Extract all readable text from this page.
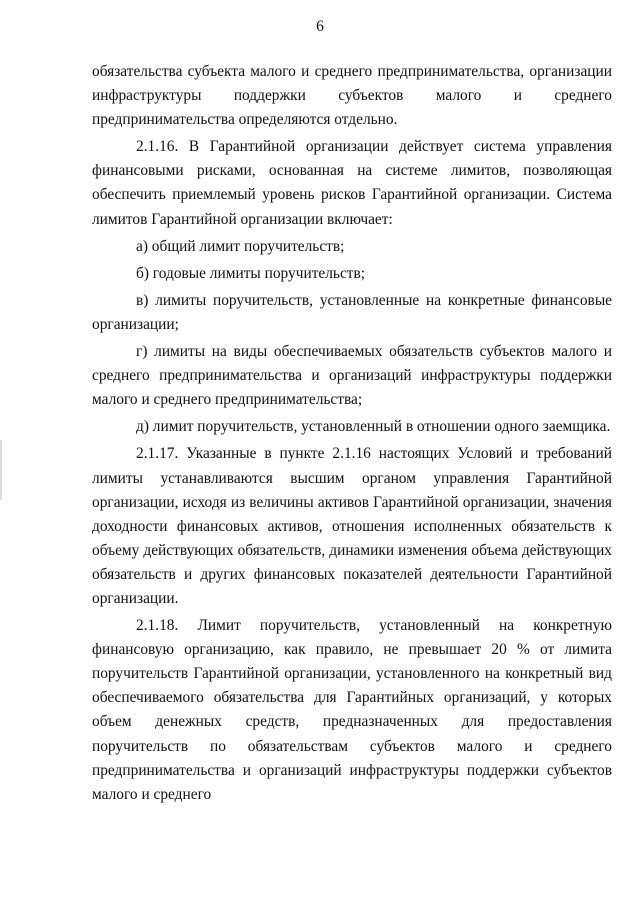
6

обязательства субъекта малого и среднего предпринимательства, организации инфраструктуры поддержки субъектов малого и среднего предпринимательства определяются отдельно.

2.1.16. В Гарантийной организации действует система управления финансовыми рисками, основанная на системе лимитов, позволяющая обеспечить приемлемый уровень рисков Гарантийной организации. Система лимитов Гарантийной организации включает:

а) общий лимит поручительств;

б) годовые лимиты поручительств;

в) лимиты поручительств, установленные на конкретные финансовые организации;

г) лимиты на виды обеспечиваемых обязательств субъектов малого и среднего предпринимательства и организаций инфраструктуры поддержки малого и среднего предпринимательства;

д) лимит поручительств, установленный в отношении одного заемщика.

2.1.17. Указанные в пункте 2.1.16 настоящих Условий и требований лимиты устанавливаются высшим органом управления Гарантийной организации, исходя из величины активов Гарантийной организации, значения доходности финансовых активов, отношения исполненных обязательств к объему действующих обязательств, динамики изменения объема действующих обязательств и других финансовых показателей деятельности Гарантийной организации.

2.1.18. Лимит поручительств, установленный на конкретную финансовую организацию, как правило, не превышает 20 % от лимита поручительств Гарантийной организации, установленного на конкретный вид обеспечиваемого обязательства для Гарантийных организаций, у которых объем денежных средств, предназначенных для предоставления поручительств по обязательствам субъектов малого и среднего предпринимательства и организаций инфраструктуры поддержки субъектов малого и среднего
